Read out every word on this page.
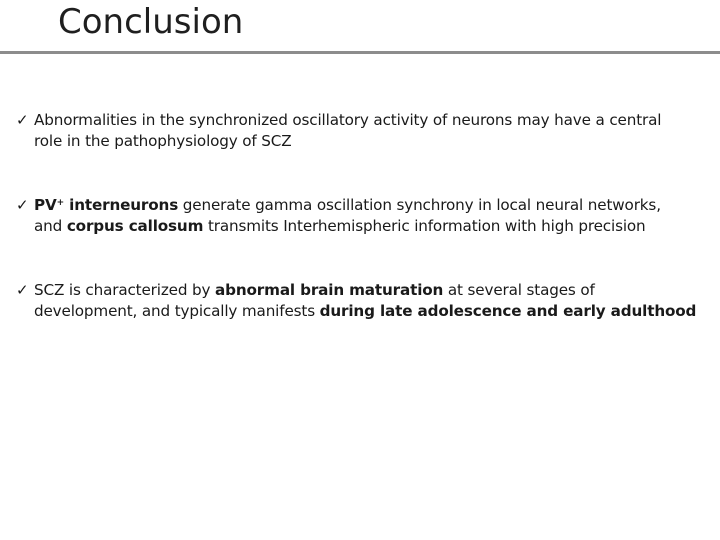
Conclusion
✓ Abnormalities in the synchronized oscillatory activity of neurons may have a central
role in the pathophysiology of SCZ
✓ PV+ interneurons generate gamma oscillation synchrony in local neural networks,
and corpus callosum transmits Interhemispheric information with high precision
✓ SCZ is characterized by abnormal brain maturation at several stages of
development, and typically manifests during late adolescence and early adulthood
